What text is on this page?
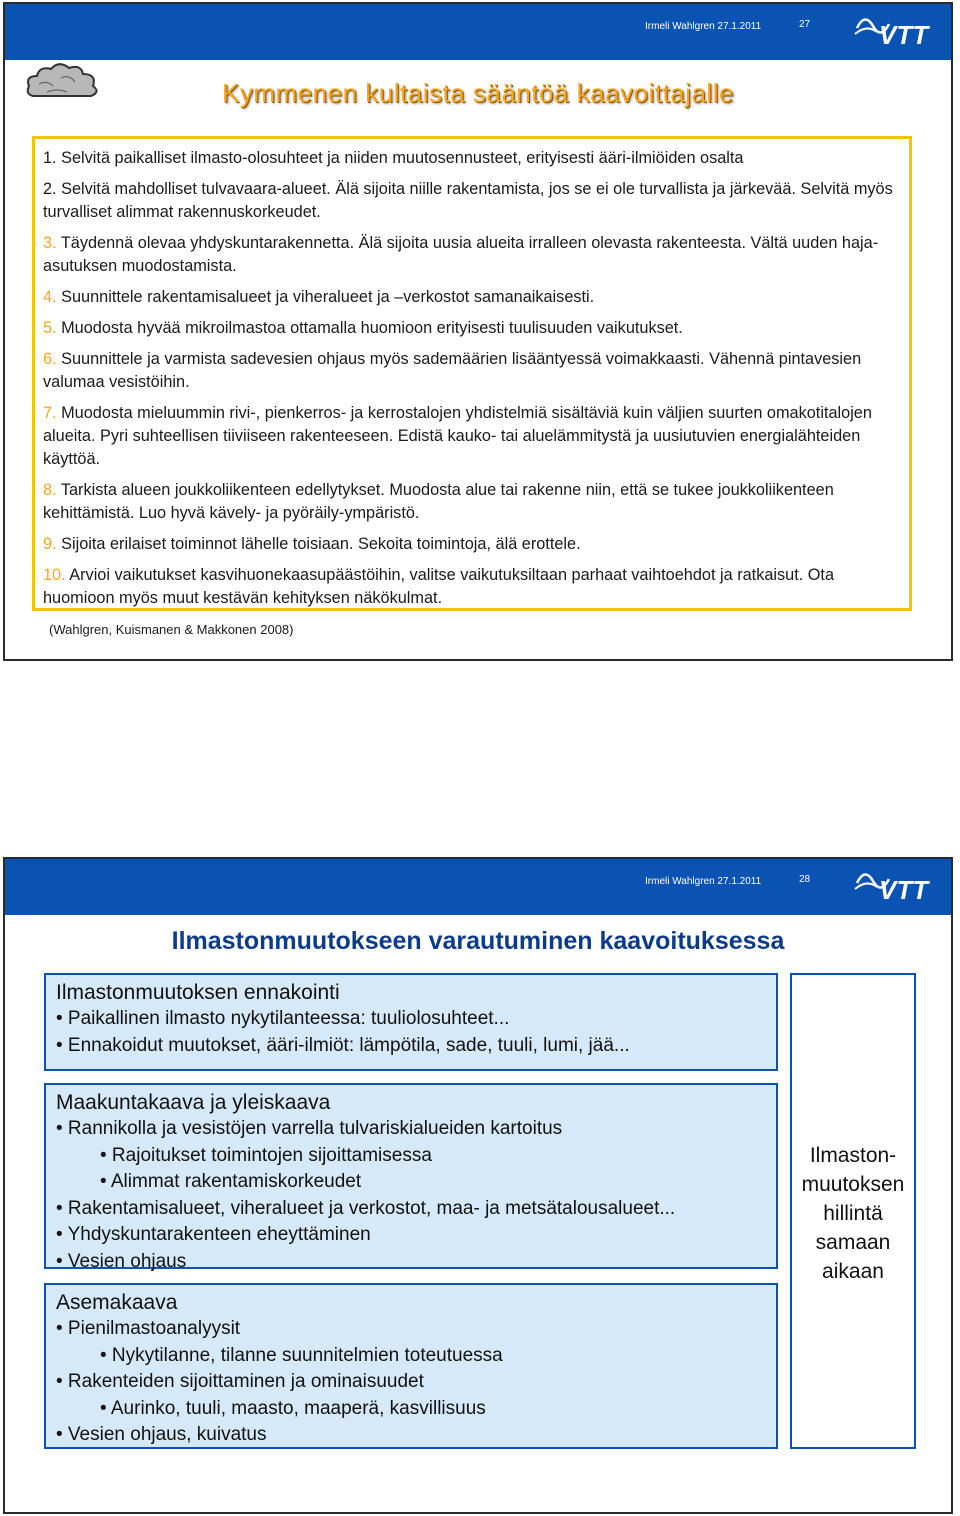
Irmeli Wahlgren 27.1.2011	27	VTT
Kymmenen kultaista sääntöä kaavoittajalle
1. Selvitä paikalliset ilmasto-olosuhteet ja niiden muutosennusteet, erityisesti ääri-ilmiöiden osalta
2. Selvitä mahdolliset tulvavaara-alueet. Älä sijoita niille rakentamista, jos se ei ole turvallista ja järkevää. Selvitä myös turvalliset alimmat rakennuskorkeudet.
3. Täydennä olevaa yhdyskuntarakennetta. Älä sijoita uusia alueita irralleen olevasta rakenteesta. Vältä uuden haja-asutuksen muodostamista.
4. Suunnittele rakentamisalueet ja viheralueet ja –verkostot samanaikaisesti.
5. Muodosta hyvää mikroilmastoa ottamalla huomioon erityisesti tuulisuuden vaikutukset.
6. Suunnittele ja varmista sadevesien ohjaus myös sademäärien lisääntyessä voimakkaasti. Vähennä pintavesien valumaa vesistöihin.
7. Muodosta mieluummin rivi-, pienkerros- ja kerrostalojen yhdistelmiä sisältäviä kuin väljien suurten omakotitalojen alueita. Pyri suhteellisen tiiviiseen rakenteeseen. Edistä kauko- tai aluelämmitystä ja uusiutuvien energialähteiden käyttöä.
8. Tarkista alueen joukkoliikenteen edellytykset. Muodosta alue tai rakenne niin, että se tukee joukkoliikenteen kehittämistä. Luo hyvä kävely- ja pyöräily-ympäristö.
9. Sijoita erilaiset toiminnot lähelle toisiaan. Sekoita toimintoja, älä erottele.
10. Arvioi vaikutukset kasvihuonekaasupäästöihin, valitse vaikutuksiltaan parhaat vaihtoehdot ja ratkaisut. Ota huomioon myös muut kestävän kehityksen näkökulmat.
(Wahlgren, Kuismanen & Makkonen 2008)
Irmeli Wahlgren 27.1.2011	28	VTT
Ilmastonmuutokseen varautuminen kaavoituksessa
Ilmastonmuutoksen ennakointi
• Paikallinen ilmasto nykytilanteessa: tuuliolosuhteet...
• Ennakoidut muutokset, ääri-ilmiöt: lämpötila, sade, tuuli, lumi, jää...
Maakuntakaava ja yleiskaava
• Rannikolla ja vesistöjen varrella tulvariskialueiden kartoitus
• Rajoitukset toimintojen sijoittamisessa
• Alimmat rakentamiskorkeudet
• Rakentamisalueet, viheralueet ja verkostot, maa- ja metsätalousalueet...
• Yhdyskuntarakenteen eheyttäminen
• Vesien ohjaus
Asemakaava
• Pienilmastoanalyysit
• Nykytilanne, tilanne suunnitelmien toteutuessa
• Rakenteiden sijoittaminen ja ominaisuudet
• Aurinko, tuuli, maasto, maaperä, kasvillisuus
• Vesien ohjaus, kuivatus
Ilmaston-
muutoksen
hillintä
samaan
aikaan
